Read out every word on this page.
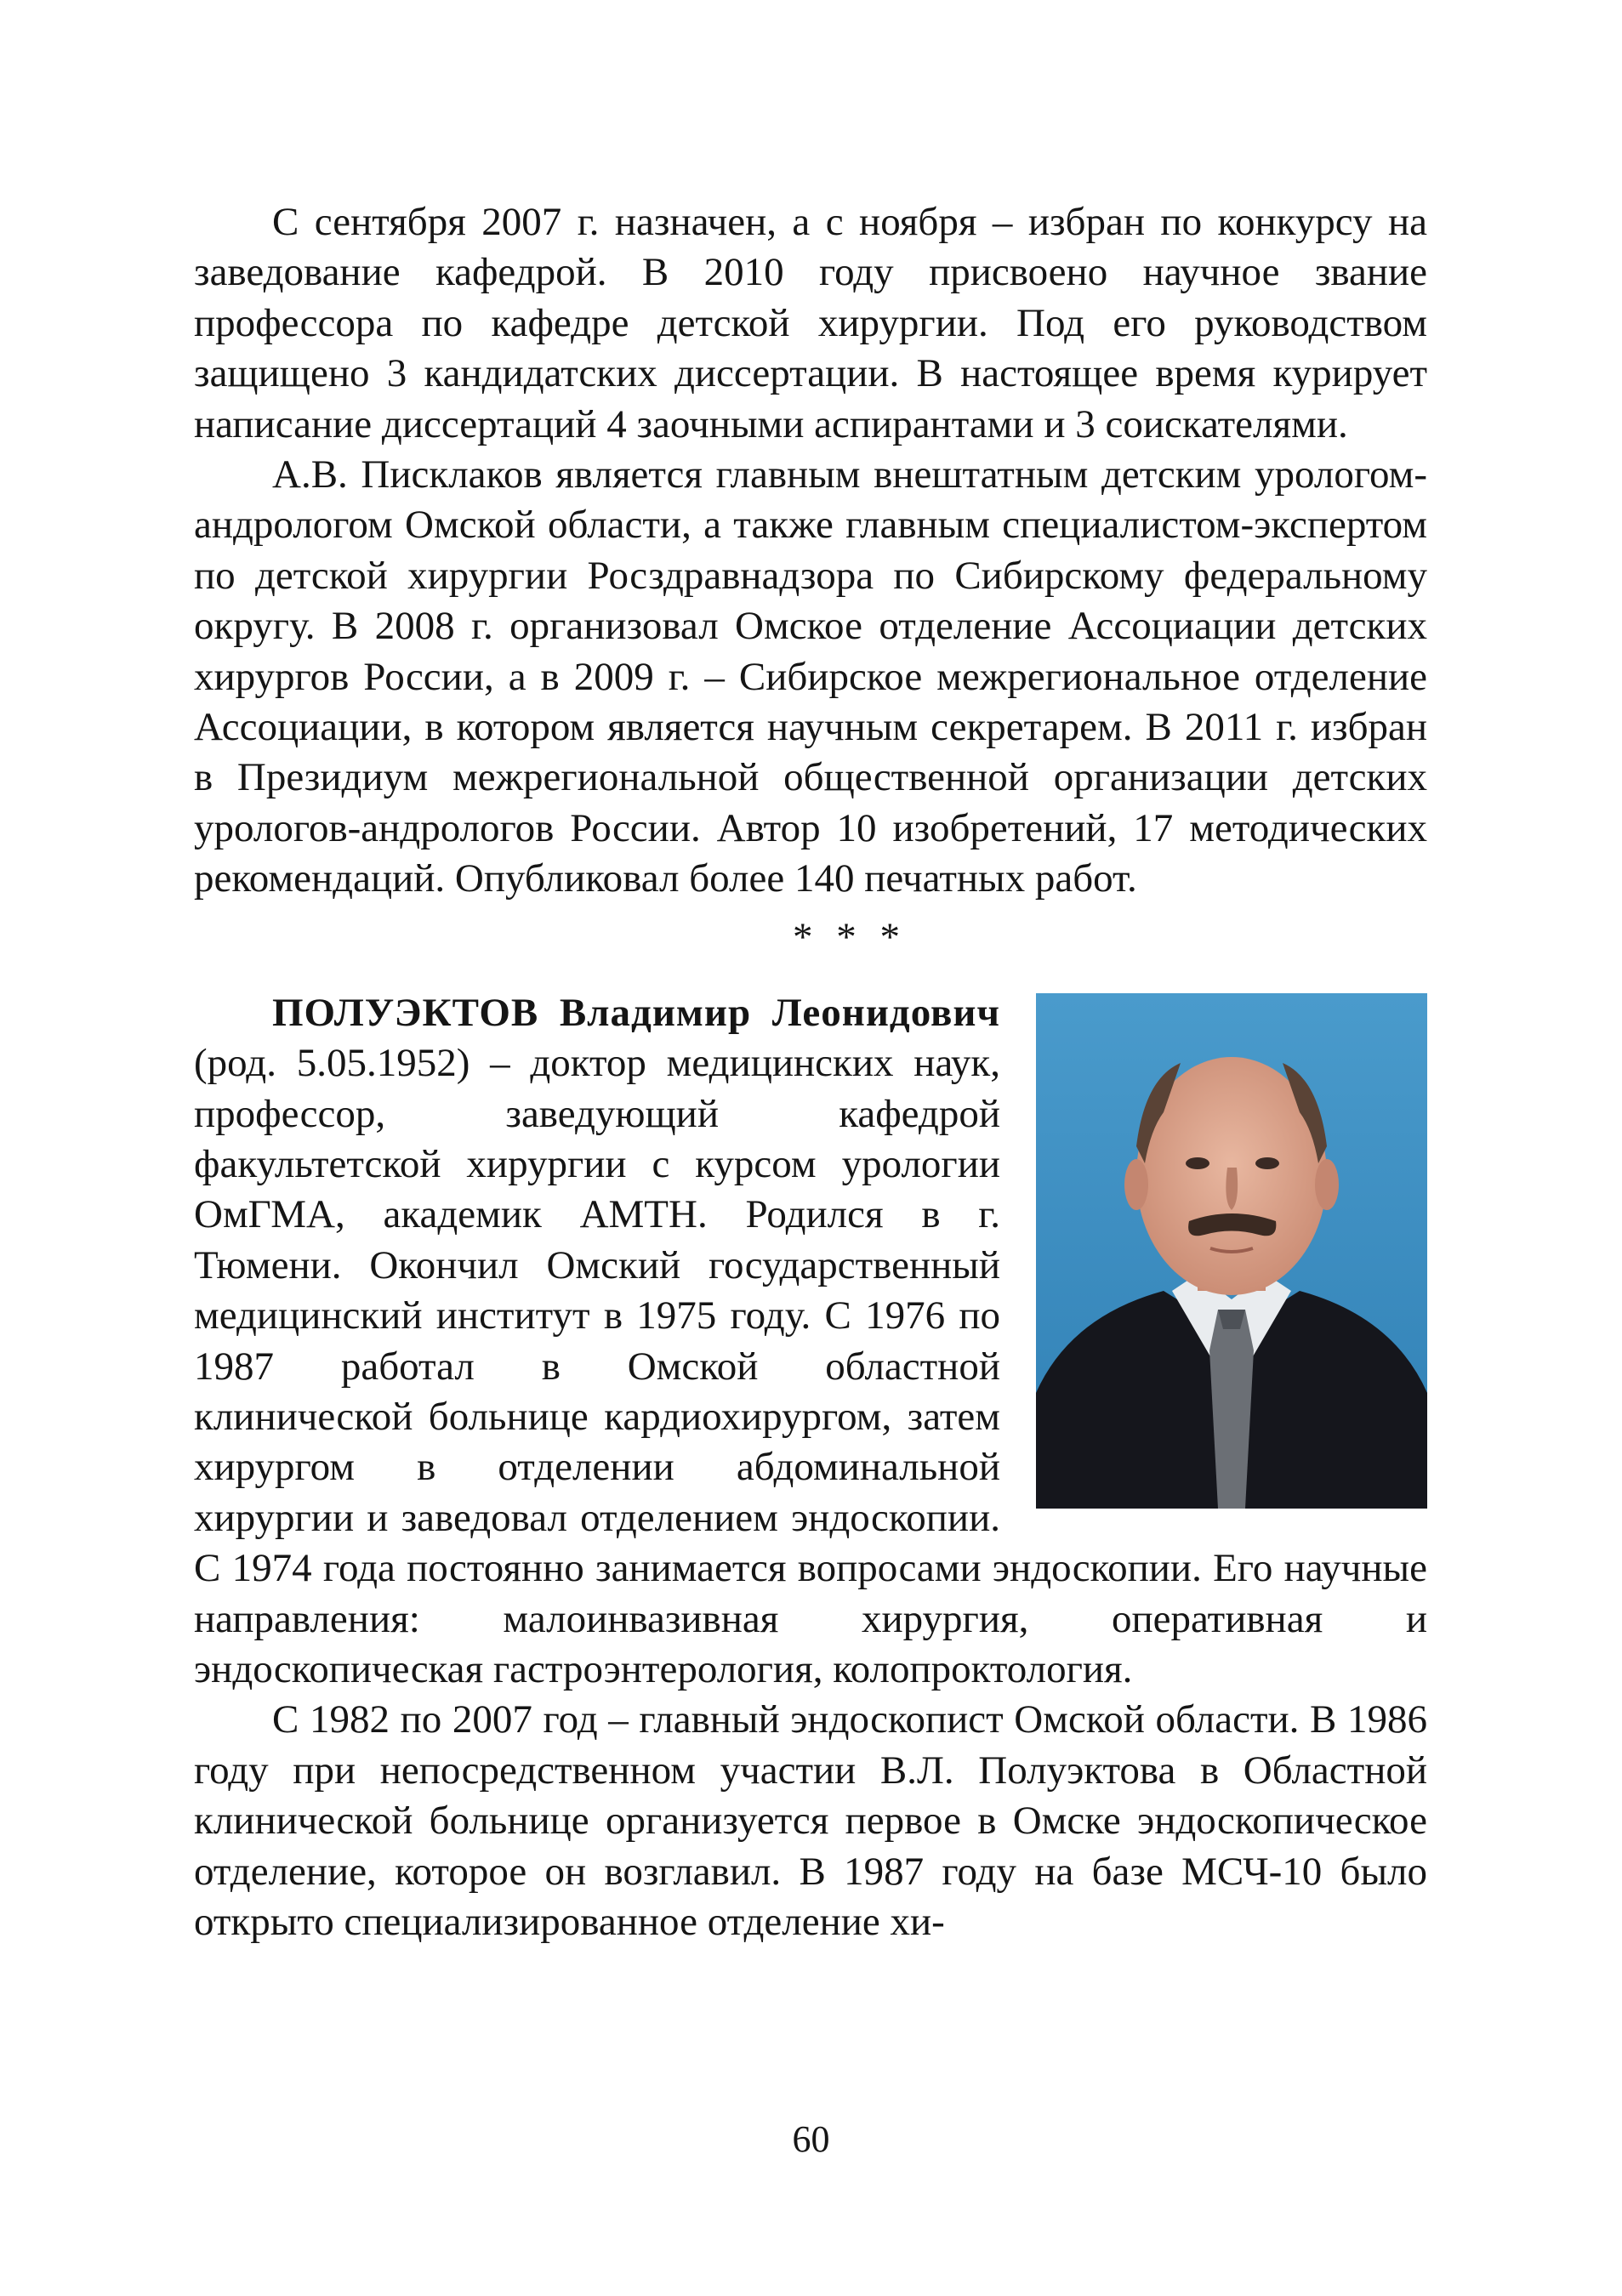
С сентября 2007 г. назначен, а с ноября – избран по конкурсу на заведование кафедрой. В 2010 году присвоено научное звание профессора по кафедре детской хирургии. Под его руководством защищено 3 кандидатских диссертации. В настоящее время курирует написание диссертаций 4 заочными аспирантами и 3 соискателями.

А.В. Писклаков является главным внештатным детским урологом-андрологом Омской области, а также главным специалистом-экспертом по детской хирургии Росздравнадзора по Сибирскому федеральному округу. В 2008 г. организовал Омское отделение Ассоциации детских хирургов России, а в 2009 г. – Сибирское межрегиональное отделение Ассоциации, в котором является научным секретарем. В 2011 г. избран в Президиум межрегиональной общественной организации детских урологов-андрологов России. Автор 10 изобретений, 17 методических рекомендаций. Опубликовал более 140 печатных работ.

* * *

ПОЛУЭКТОВ Владимир Леонидович (род. 5.05.1952) – доктор медицинских наук, профессор, заведующий кафедрой факультетской хирургии с курсом урологии ОмГМА, академик АМТН. Родился в г. Тюмени. Окончил Омский государственный медицинский институт в 1975 году. С 1976 по 1987 работал в Омской областной клинической больнице кардиохирургом, затем хирургом в отделении абдоминальной хирургии и заведовал отделением эндоскопии. С 1974 года постоянно занимается вопросами эндоскопии. Его научные направления: малоинвазивная хирургия, оперативная и эндоскопическая гастроэнтерология, колопроктология.

С 1982 по 2007 год – главный эндоскопист Омской области. В 1986 году при непосредственном участии В.Л. Полуэктова в Областной клинической больнице организуется первое в Омске эндоскопическое отделение, которое он возглавил. В 1987 году на базе МСЧ-10 было открыто специализированное отделение хи-

60
